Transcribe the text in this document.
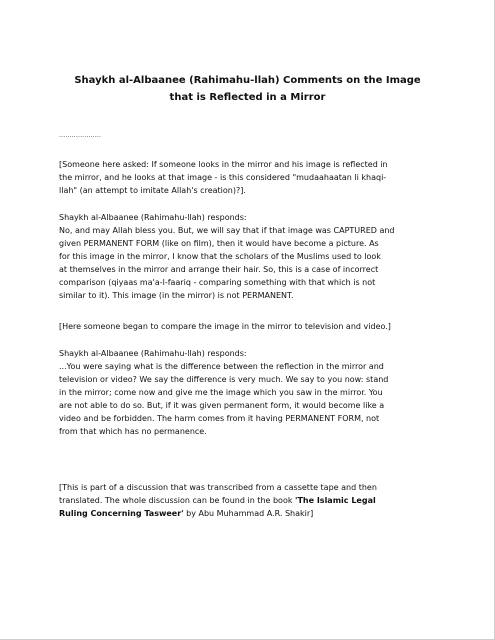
Shaykh al-Albaanee (Rahimahu-llah) Comments on the Image
that is Reflected in a Mirror
....................
[Someone here asked: If someone looks in the mirror and his image is reflected in
the mirror, and he looks at that image - is this considered "mudaahaatan li khaqi-
llah" (an attempt to imitate Allah's creation)?].
Shaykh al-Albaanee (Rahimahu-llah) responds:
No, and may Allah bless you. But, we will say that if that image was CAPTURED and
given PERMANENT FORM (like on film), then it would have become a picture. As
for this image in the mirror, I know that the scholars of the Muslims used to look
at themselves in the mirror and arrange their hair. So, this is a case of incorrect
comparison (qiyaas ma'a-l-faariq - comparing something with that which is not
similar to it). This image (in the mirror) is not PERMANENT.
[Here someone began to compare the image in the mirror to television and video.]
Shaykh al-Albaanee (Rahimahu-llah) responds:
...You were saying what is the difference between the reflection in the mirror and
television or video? We say the difference is very much. We say to you now: stand
in the mirror; come now and give me the image which you saw in the mirror. You
are not able to do so. But, if it was given permanent form, it would become like a
video and be forbidden. The harm comes from it having PERMANENT FORM, not
from that which has no permanence.
[This is part of a discussion that was transcribed from a cassette tape and then
translated. The whole discussion can be found in the book 'The Islamic Legal
Ruling Concerning Tasweer' by Abu Muhammad A.R. Shakir]
